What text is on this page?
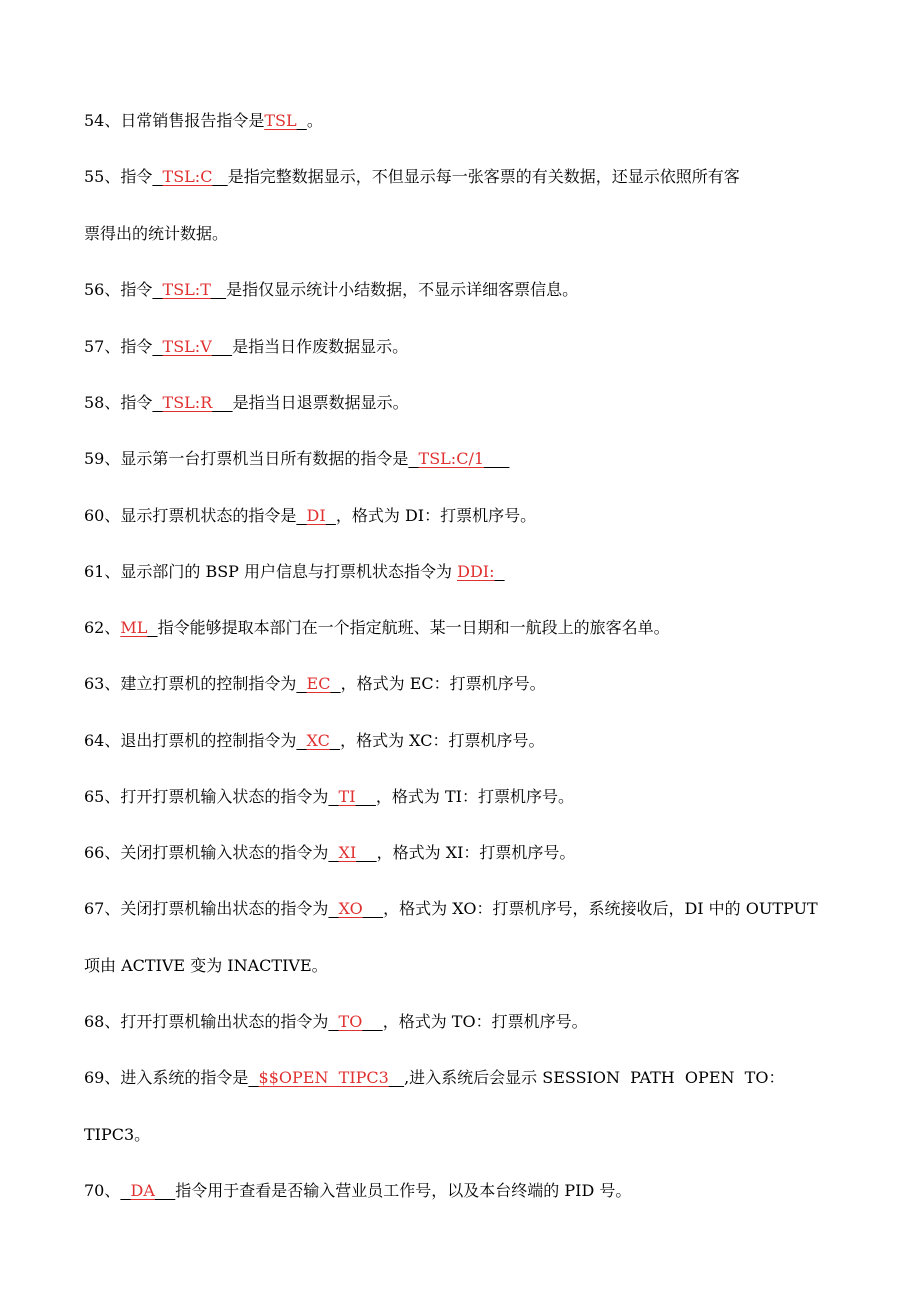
54、日常销售报告指令是TSL 。
55、指令 TSL:C 是指完整数据显示，不但显示每一张客票的有关数据，还显示依照所有客
票得出的统计数据。
56、指令 TSL:T 是指仅显示统计小结数据，不显示详细客票信息。
57、指令 TSL:V 是指当日作废数据显示。
58、指令 TSL:R 是指当日退票数据显示。
59、显示第一台打票机当日所有数据的指令是 TSL:C/1
60、显示打票机状态的指令是 DI ，格式为 DI：打票机序号。
61、显示部门的 BSP 用户信息与打票机状态指令为 DDI:
62、ML 指令能够提取本部门在一个指定航班、某一日期和一航段上的旅客名单。
63、建立打票机的控制指令为 EC ，格式为 EC：打票机序号。
64、退出打票机的控制指令为 XC ，格式为 XC：打票机序号。
65、打开打票机输入状态的指令为 TI ，格式为 TI：打票机序号。
66、关闭打票机输入状态的指令为 XI ，格式为 XI：打票机序号。
67、关闭打票机输出状态的指令为 XO ，格式为 XO：打票机序号，系统接收后，DI 中的 OUTPUT
项由 ACTIVE 变为 INACTIVE。
68、打开打票机输出状态的指令为 TO ，格式为 TO：打票机序号。
69、进入系统的指令是 $$OPEN  TIPC3 ,进入系统后会显示 SESSION  PATH  OPEN  TO：
TIPC3。
70、 DA 指令用于查看是否输入营业员工作号，以及本台终端的 PID 号。
